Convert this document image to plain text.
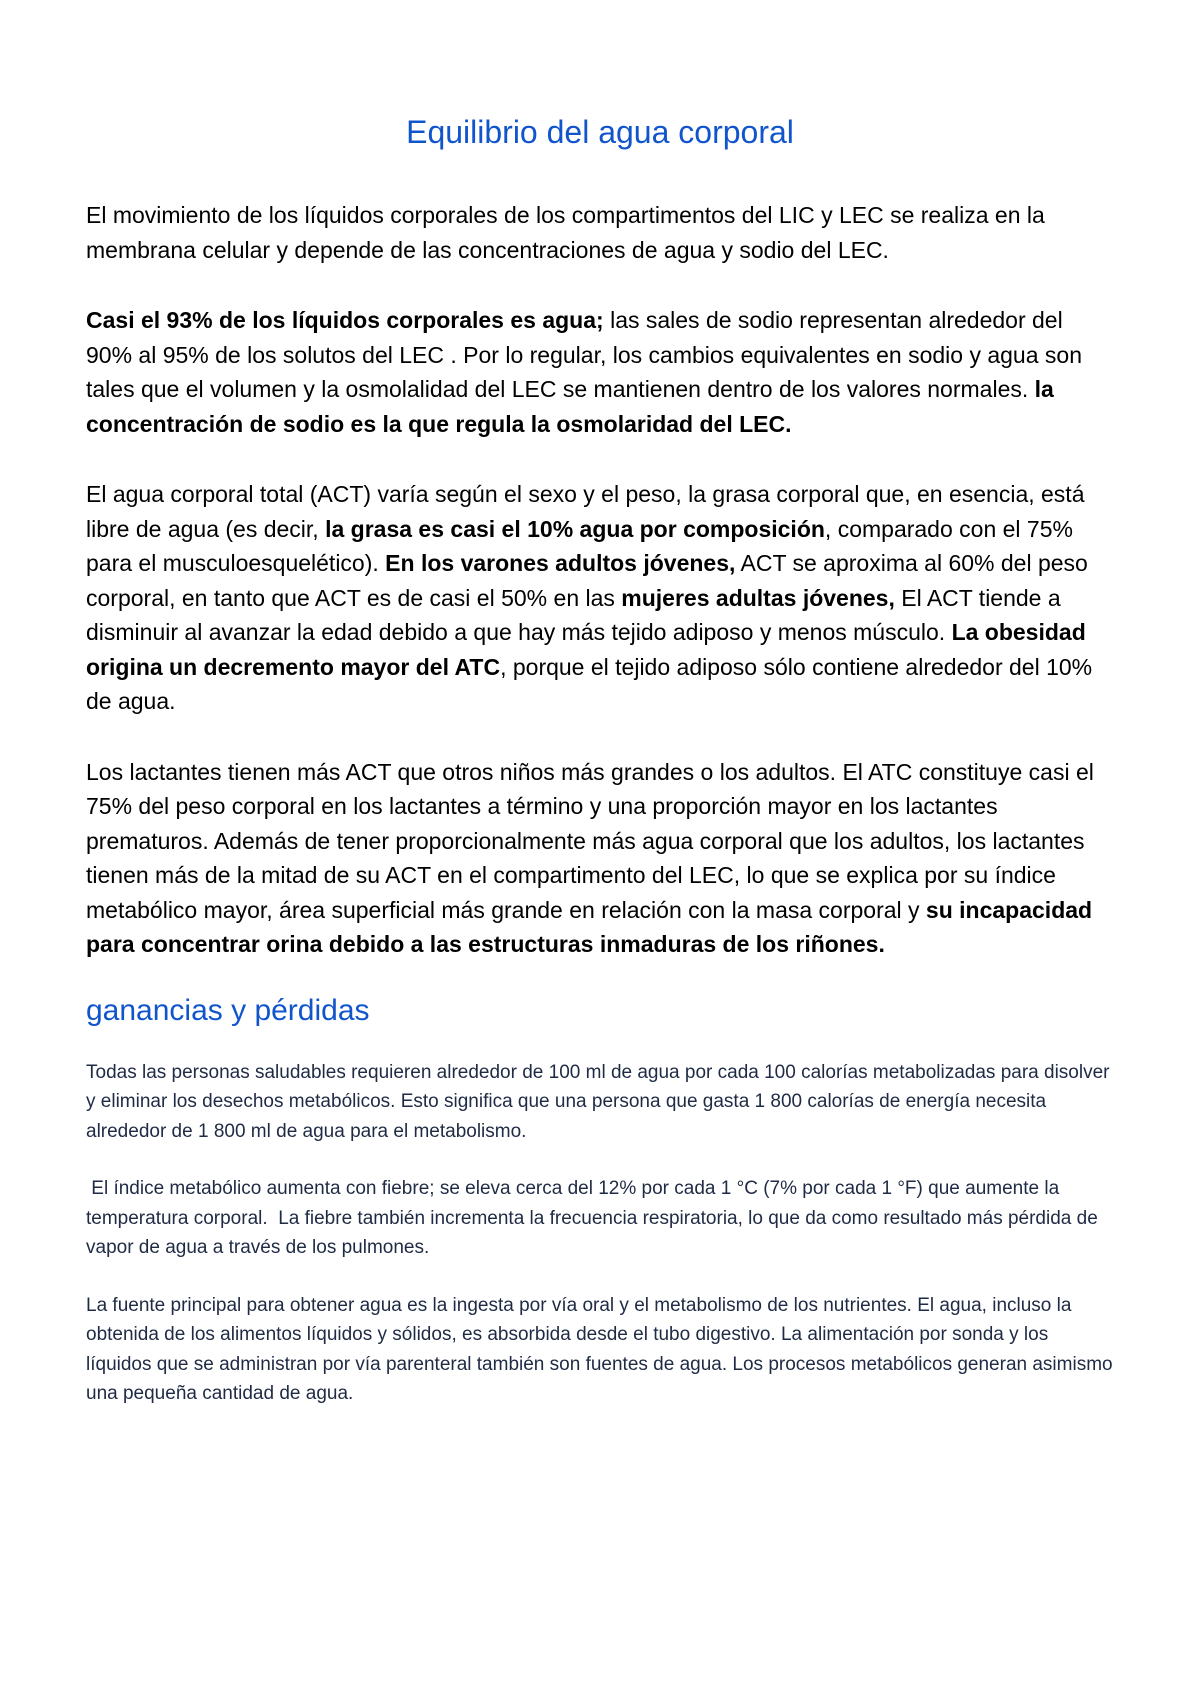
Equilibrio del agua corporal

El movimiento de los líquidos corporales de los compartimentos del LIC y LEC se realiza en la membrana celular y depende de las concentraciones de agua y sodio del LEC.

Casi el 93% de los líquidos corporales es agua; las sales de sodio representan alrededor del 90% al 95% de los solutos del LEC . Por lo regular, los cambios equivalentes en sodio y agua son tales que el volumen y la osmolalidad del LEC se mantienen dentro de los valores normales. la concentración de sodio es la que regula la osmolaridad del LEC.

El agua corporal total (ACT) varía según el sexo y el peso, la grasa corporal que, en esencia, está libre de agua (es decir, la grasa es casi el 10% agua por composición, comparado con el 75% para el musculoesquelético). En los varones adultos jóvenes, ACT se aproxima al 60% del peso corporal, en tanto que ACT es de casi el 50% en las mujeres adultas jóvenes, El ACT tiende a disminuir al avanzar la edad debido a que hay más tejido adiposo y menos músculo. La obesidad origina un decremento mayor del ATC, porque el tejido adiposo sólo contiene alrededor del 10% de agua.

Los lactantes tienen más ACT que otros niños más grandes o los adultos. El ATC constituye casi el 75% del peso corporal en los lactantes a término y una proporción mayor en los lactantes prematuros. Además de tener proporcionalmente más agua corporal que los adultos, los lactantes tienen más de la mitad de su ACT en el compartimento del LEC, lo que se explica por su índice metabólico mayor, área superficial más grande en relación con la masa corporal y su incapacidad para concentrar orina debido a las estructuras inmaduras de los riñones.

ganancias y pérdidas

Todas las personas saludables requieren alrededor de 100 ml de agua por cada 100 calorías metabolizadas para disolver y eliminar los desechos metabólicos. Esto significa que una persona que gasta 1 800 calorías de energía necesita alrededor de 1 800 ml de agua para el metabolismo.

El índice metabólico aumenta con fiebre; se eleva cerca del 12% por cada 1 °C (7% por cada 1 °F) que aumente la temperatura corporal.  La fiebre también incrementa la frecuencia respiratoria, lo que da como resultado más pérdida de vapor de agua a través de los pulmones.

La fuente principal para obtener agua es la ingesta por vía oral y el metabolismo de los nutrientes. El agua, incluso la obtenida de los alimentos líquidos y sólidos, es absorbida desde el tubo digestivo. La alimentación por sonda y los líquidos que se administran por vía parenteral también son fuentes de agua. Los procesos metabólicos generan asimismo una pequeña cantidad de agua.
